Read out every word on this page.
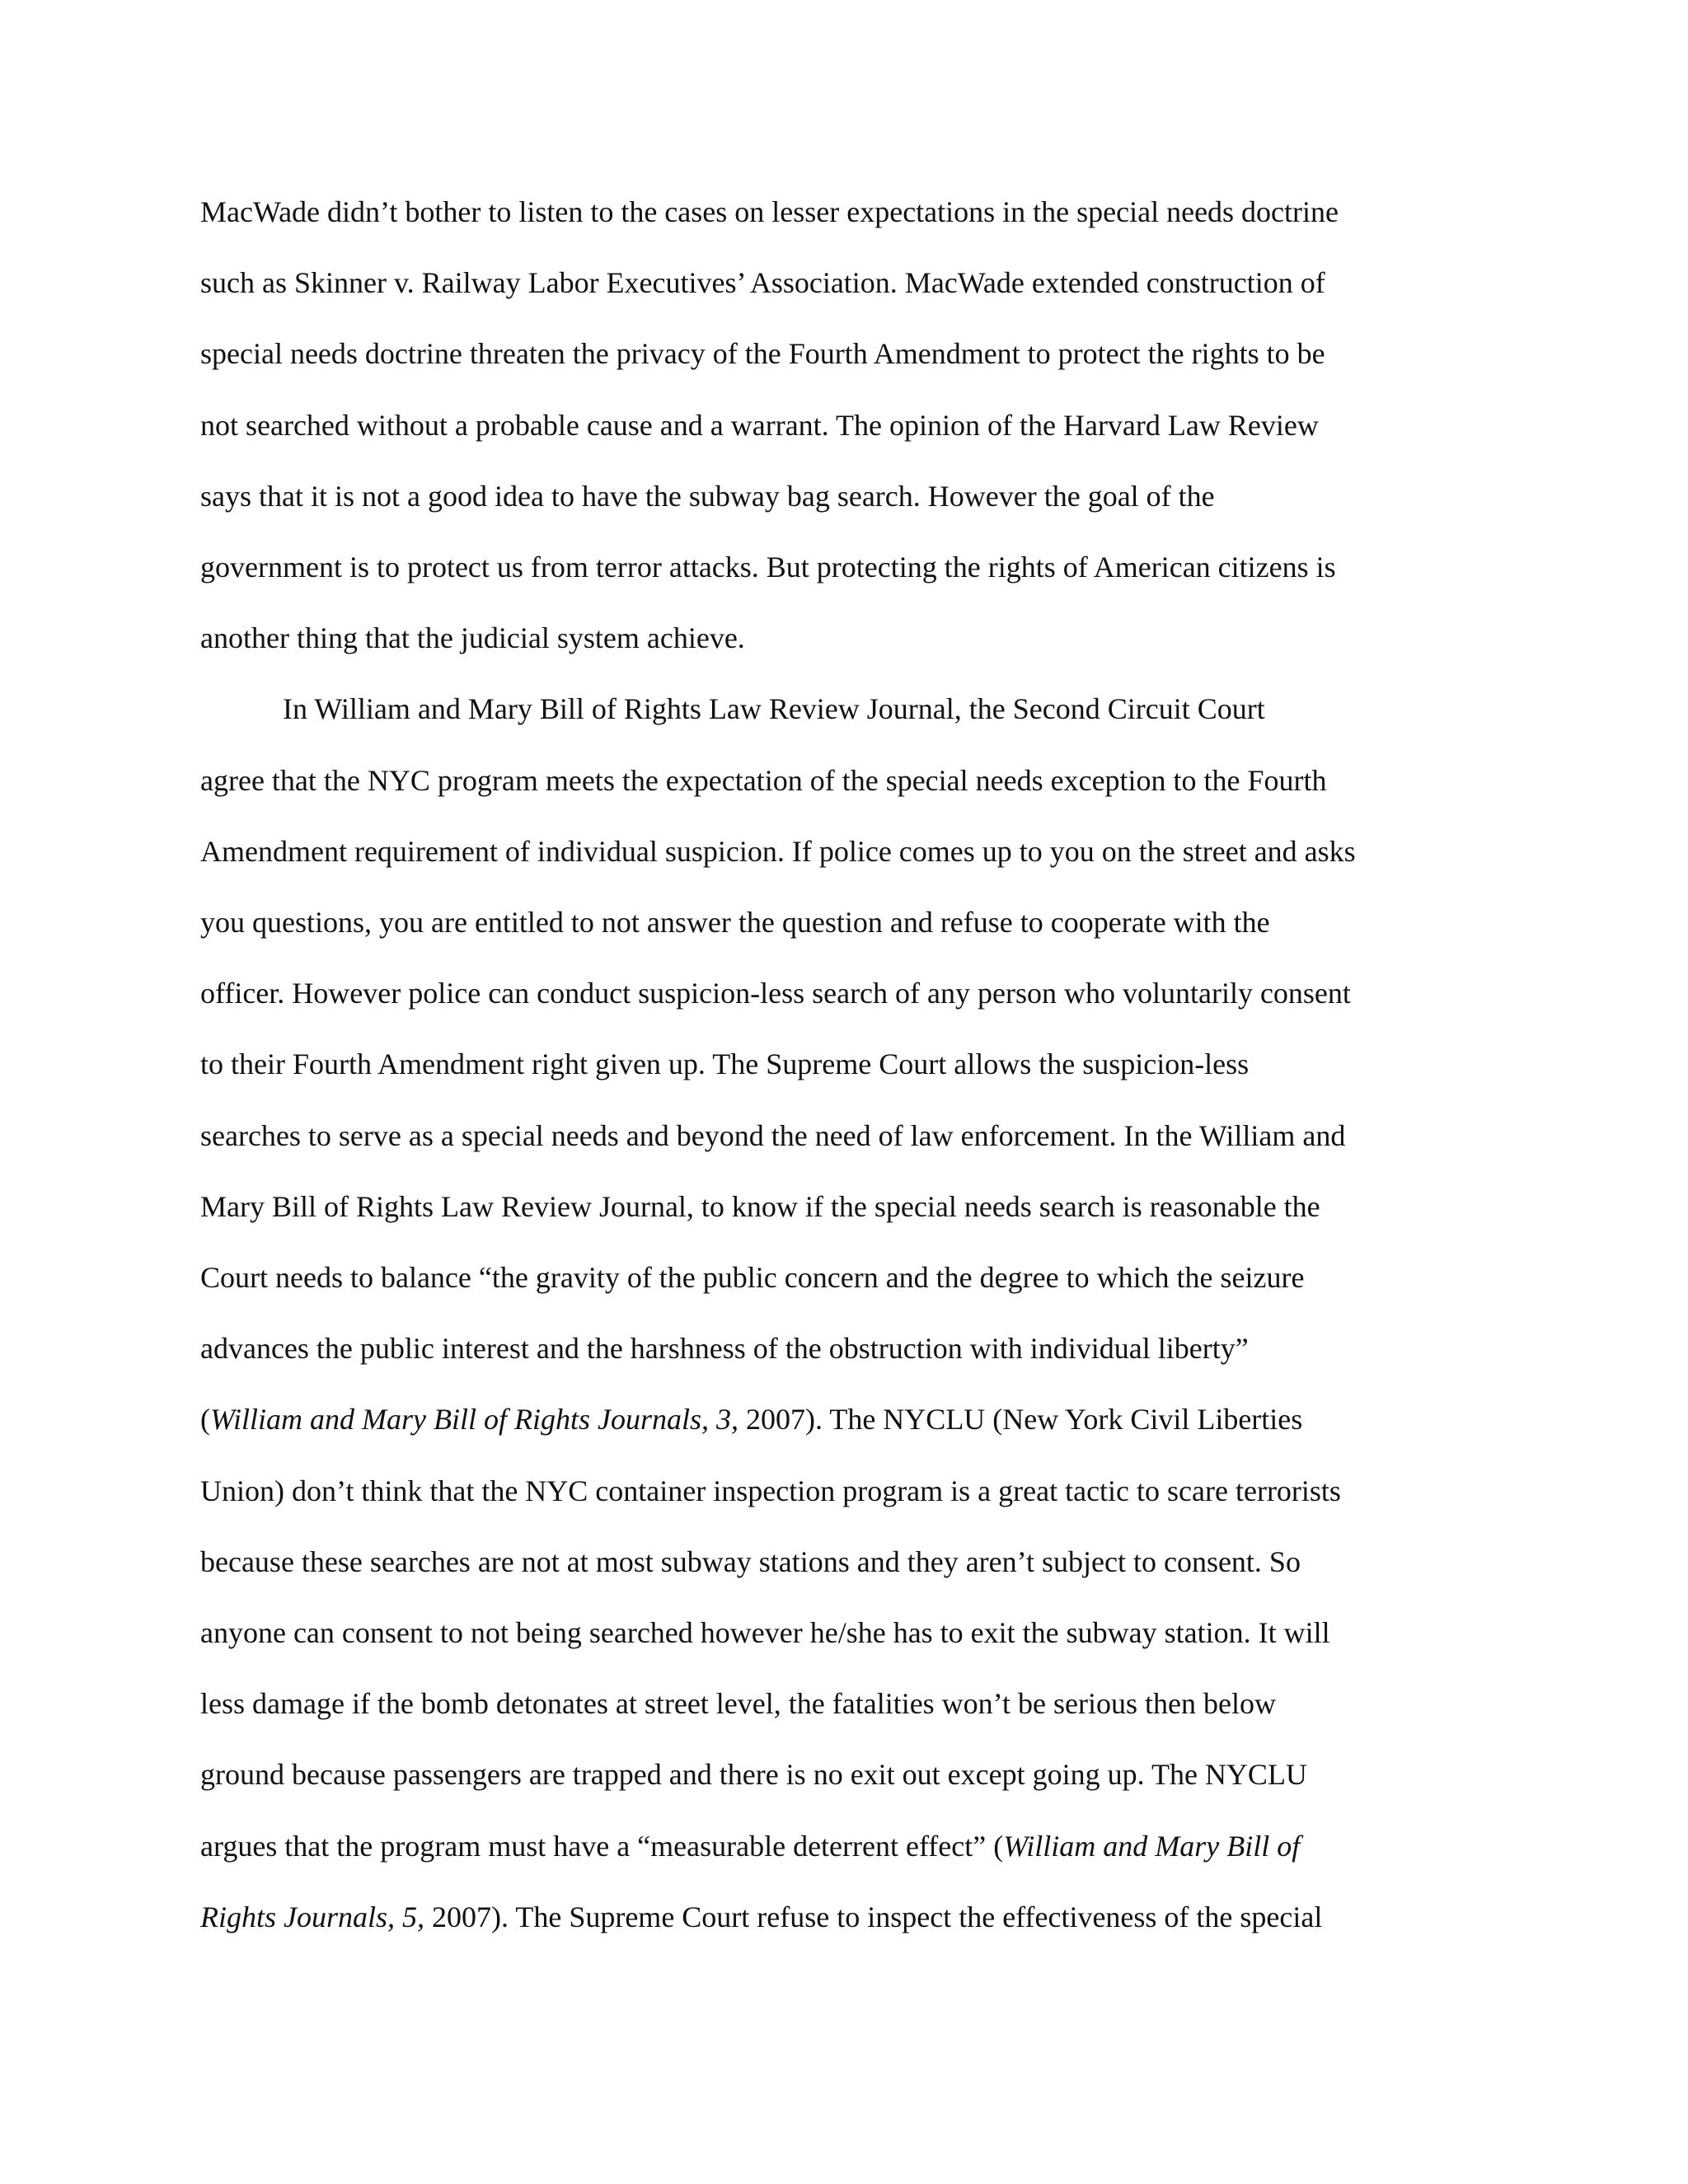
MacWade didn’t bother to listen to the cases on lesser expectations in the special needs doctrine
such as Skinner v. Railway Labor Executives’ Association. MacWade extended construction of
special needs doctrine threaten the privacy of the Fourth Amendment to protect the rights to be
not searched without a probable cause and a warrant. The opinion of the Harvard Law Review
says that it is not a good idea to have the subway bag search. However the goal of the
government is to protect us from terror attacks. But protecting the rights of American citizens is
another thing that the judicial system achieve.
In William and Mary Bill of Rights Law Review Journal, the Second Circuit Court
agree that the NYC program meets the expectation of the special needs exception to the Fourth
Amendment requirement of individual suspicion. If police comes up to you on the street and asks
you questions, you are entitled to not answer the question and refuse to cooperate with the
officer. However police can conduct suspicion-less search of any person who voluntarily consent
to their Fourth Amendment right given up. The Supreme Court allows the suspicion-less
searches to serve as a special needs and beyond the need of law enforcement. In the William and
Mary Bill of Rights Law Review Journal, to know if the special needs search is reasonable the
Court needs to balance “the gravity of the public concern and the degree to which the seizure
advances the public interest and the harshness of the obstruction with individual liberty”
(William and Mary Bill of Rights Journals, 3, 2007). The NYCLU (New York Civil Liberties
Union) don’t think that the NYC container inspection program is a great tactic to scare terrorists
because these searches are not at most subway stations and they aren’t subject to consent. So
anyone can consent to not being searched however he/she has to exit the subway station. It will
less damage if the bomb detonates at street level, the fatalities won’t be serious then below
ground because passengers are trapped and there is no exit out except going up. The NYCLU
argues that the program must have a “measurable deterrent effect” (William and Mary Bill of
Rights Journals, 5, 2007). The Supreme Court refuse to inspect the effectiveness of the special
